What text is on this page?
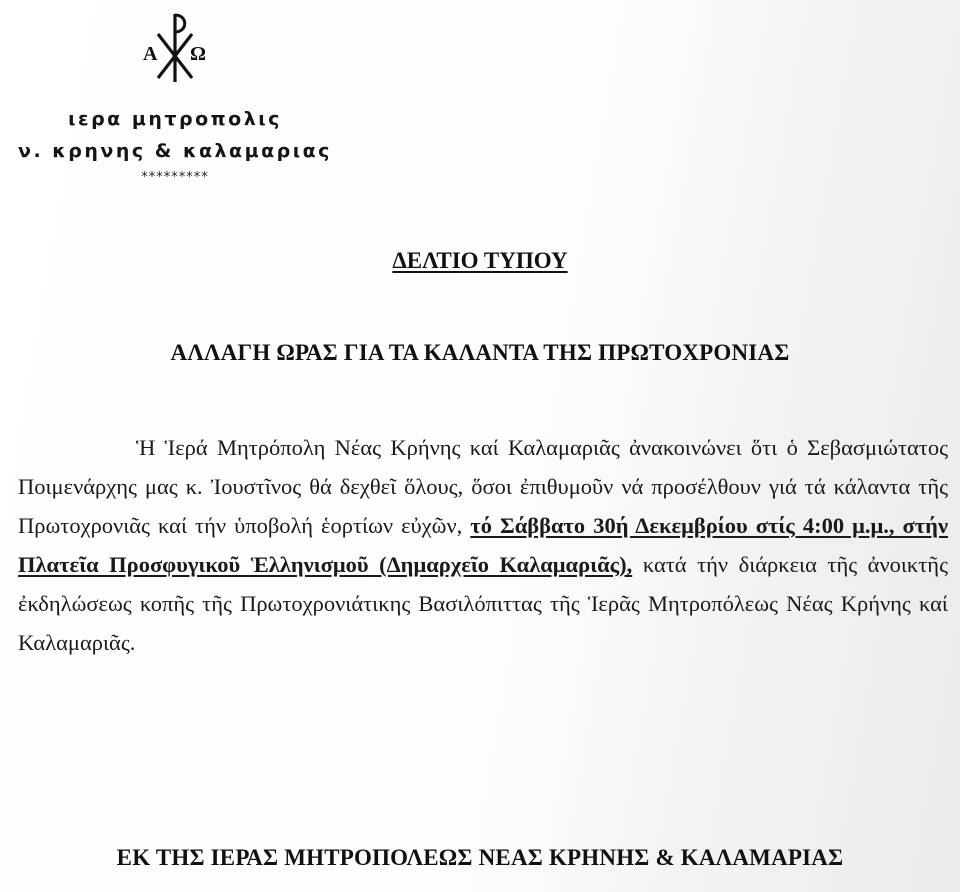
A Ω
ιερα μητροπολις
ν. κρηνης & καλαμαριας
*********
ΔΕΛΤΙΟ ΤΥΠΟΥ
ΑΛΛΑΓΗ ΩΡΑΣ ΓΙΑ ΤΑ ΚΑΛΑΝΤΑ ΤΗΣ ΠΡΩΤΟΧΡΟΝΙΑΣ
Ἡ Ἱερά Μητρόπολη Νέας Κρήνης καί Καλαμαριᾶς ἀνακοινώνει ὅτι ὁ Σεβασμιώτατος Ποιμενάρχης μας κ. Ἰουστῖνος θά δεχθεῖ ὅλους, ὅσοι ἐπιθυμοῦν νά προσέλθουν γιά τά κάλαντα τῆς Πρωτοχρονιᾶς καί τήν ὑποβολή ἑορτίων εὐχῶν, τό Σάββατο 30ή Δεκεμβρίου στίς 4:00 μ.μ., στήν Πλατεῖα Προσφυγικοῦ Ἑλληνισμοῦ (Δημαρχεῖο Καλαμαριᾶς), κατά τήν διάρκεια τῆς ἀνοικτῆς ἐκδηλώσεως κοπῆς τῆς Πρωτοχρονιάτικης Βασιλόπιττας τῆς Ἱερᾶς Μητροπόλεως Νέας Κρήνης καί Καλαμαριᾶς.
ΕΚ ΤΗΣ ΙΕΡΑΣ ΜΗΤΡΟΠΟΛΕΩΣ ΝΕΑΣ ΚΡΗΝΗΣ & ΚΑΛΑΜΑΡΙΑΣ
